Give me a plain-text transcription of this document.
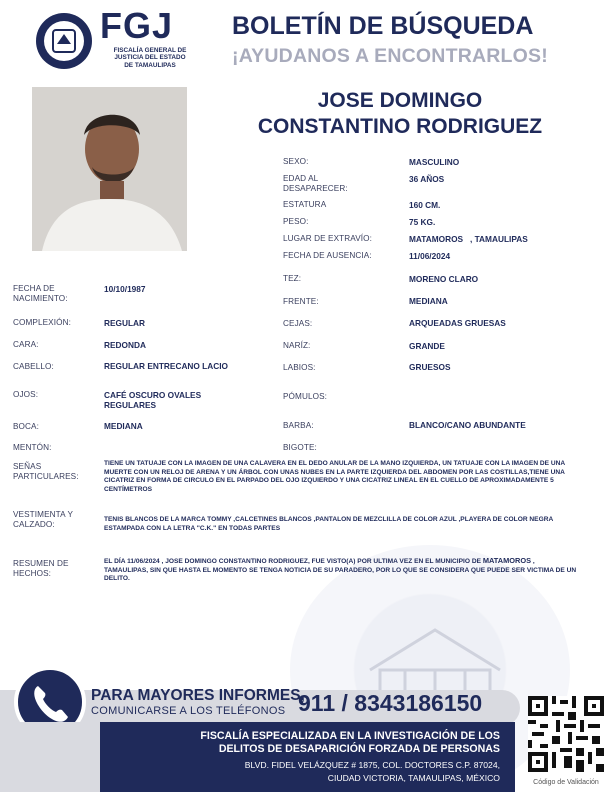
FGJ
FISCALÍA GENERAL DE
JUSTICIA DEL ESTADO
DE TAMAULIPAS
BOLETÍN DE BÚSQUEDA
¡AYUDANOS A ENCONTRARLOS!
JOSE DOMINGO
CONSTANTINO RODRIGUEZ
SEXO:	MASCULINO
EDAD AL DESAPARECER:
36 AÑOS
ESTATURA	160 CM.
PESO:	75 KG.
LUGAR DE EXTRAVÍO:	MATAMOROS   , TAMAULIPAS
FECHA DE AUSENCIA:	11/06/2024
FECHA DE NACIMIENTO:
10/10/1987
COMPLEXIÓN:	REGULAR
CARA:	REDONDA
CABELLO:	REGULAR ENTRECANO LACIO
OJOS:	CAFÉ OSCURO OVALES REGULARES
BOCA:	MEDIANA
MENTÓN:
TEZ:	MORENO CLARO
FRENTE:	MEDIANA
CEJAS:	ARQUEADAS GRUESAS
NARÍZ:	GRANDE
LABIOS:	GRUESOS
PÓMULOS:
BARBA:	BLANCO/CANO ABUNDANTE
BIGOTE:
SEÑAS PARTICULARES:
TIENE UN TATUAJE CON LA IMAGEN DE UNA CALAVERA EN EL DEDO ANULAR DE LA MANO IZQUIERDA, UN TATUAJE CON LA IMAGEN DE UNA MUERTE CON UN RELOJ DE ARENA Y UN ÁRBOL CON UNAS NUBES EN LA PARTE IZQUIERDA DEL ABDOMEN POR LAS COSTILLAS,TIENE UNA CICATRIZ EN FORMA DE CIRCULO EN EL PARPADO DEL OJO IZQUIERDO Y UNA CICATRIZ LINEAL EN EL CUELLO DE APROXIMADAMENTE 5 CENTÍMETROS
VESTIMENTA Y CALZADO:
TENIS BLANCOS DE LA MARCA TOMMY ,CALCETINES BLANCOS ,PANTALON DE MEZCLILLA DE COLOR AZUL ,PLAYERA DE COLOR NEGRA ESTAMPADA CON LA LETRA "C.K." EN TODAS PARTES
RESUMEN DE HECHOS:
EL DÍA 11/06/2024 , JOSE DOMINGO CONSTANTINO RODRIGUEZ, FUE VISTO(A) POR ULTIMA VEZ EN EL MUNICIPIO DE MATAMOROS , TAMAULIPAS, SIN QUE HASTA EL MOMENTO SE TENGA NOTICIA DE SU PARADERO, POR LO QUE SE CONSIDERA QUE PUEDE SER VICTIMA DE UN DELITO.
PARA MAYORES INFORMES,
COMUNICARSE A LOS TELÉFONOS 911 / 8343186150
FISCALÍA ESPECIALIZADA EN LA INVESTIGACIÓN DE LOS
DELITOS DE DESAPARICIÓN FORZADA DE PERSONAS
BLVD. FIDEL VELÁZQUEZ # 1875, COL. DOCTORES C.P. 87024,
CIUDAD VICTORIA, TAMAULIPAS, MÉXICO	Código de Validación
